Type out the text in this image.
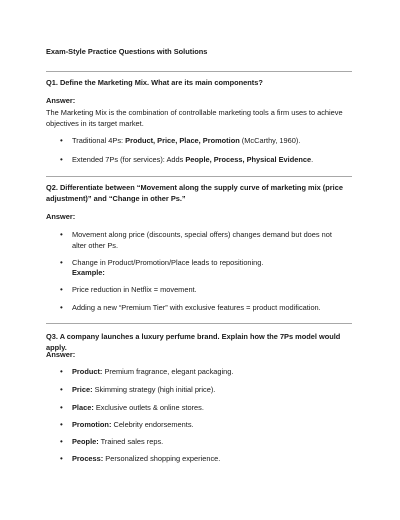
Exam-Style Practice Questions with Solutions
Q1. Define the Marketing Mix. What are its main components?
Answer:
The Marketing Mix is the combination of controllable marketing tools a firm uses to achieve objectives in its target market.
• Traditional 4Ps: Product, Price, Place, Promotion (McCarthy, 1960).
• Extended 7Ps (for services): Adds People, Process, Physical Evidence.
Q2. Differentiate between “Movement along the supply curve of marketing mix (price adjustment)” and “Change in other Ps.”
Answer:
• Movement along price (discounts, special offers) changes demand but does not alter other Ps.
• Change in Product/Promotion/Place leads to repositioning.
Example:
• Price reduction in Netflix = movement.
• Adding a new “Premium Tier” with exclusive features = product modification.
Q3. A company launches a luxury perfume brand. Explain how the 7Ps model would apply.
Answer:
• Product: Premium fragrance, elegant packaging.
• Price: Skimming strategy (high initial price).
• Place: Exclusive outlets & online stores.
• Promotion: Celebrity endorsements.
• People: Trained sales reps.
• Process: Personalized shopping experience.
